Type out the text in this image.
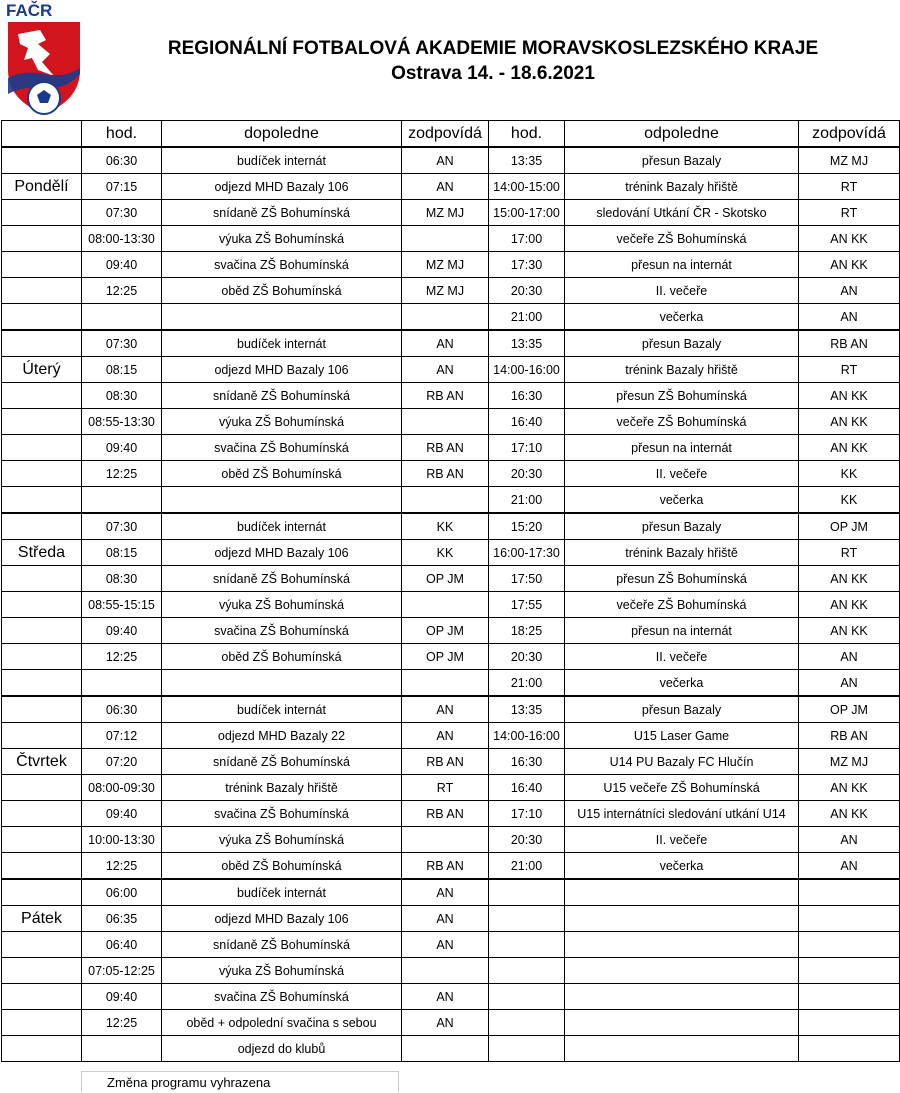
FAČR
REGIONÁLNÍ FOTBALOVÁ AKADEMIE MORAVSKOSLEZSKÉHO KRAJE
Ostrava 14. - 18.6.2021
	hod.	dopoledne	zodpovídá	hod.	odpoledne	zodpovídá
	06:30	budíček internát	AN	13:35	přesun Bazaly	MZ MJ
Pondělí	07:15	odjezd MHD Bazaly 106	AN	14:00-15:00	trénink Bazaly hřiště	RT
	07:30	snídaně ZŠ Bohumínská	MZ MJ	15:00-17:00	sledování Utkání ČR - Skotsko	RT
	08:00-13:30	výuka ZŠ Bohumínská		17:00	večeře ZŠ Bohumínská	AN KK
	09:40	svačina ZŠ Bohumínská	MZ MJ	17:30	přesun na internát	AN KK
	12:25	oběd ZŠ Bohumínská	MZ MJ	20:30	II. večeře	AN
				21:00	večerka	AN
	07:30	budíček internát	AN	13:35	přesun Bazaly	RB AN
Úterý	08:15	odjezd MHD Bazaly 106	AN	14:00-16:00	trénink Bazaly hřiště	RT
	08:30	snídaně ZŠ Bohumínská	RB AN	16:30	přesun ZŠ Bohumínská	AN KK
	08:55-13:30	výuka ZŠ Bohumínská		16:40	večeře ZŠ Bohumínská	AN KK
	09:40	svačina ZŠ Bohumínská	RB AN	17:10	přesun na internát	AN KK
	12:25	oběd ZŠ Bohumínská	RB AN	20:30	II. večeře	KK
				21:00	večerka	KK
	07:30	budíček internát	KK	15:20	přesun Bazaly	OP JM
Středa	08:15	odjezd MHD Bazaly 106	KK	16:00-17:30	trénink Bazaly hřiště	RT
	08:30	snídaně ZŠ Bohumínská	OP JM	17:50	přesun ZŠ Bohumínská	AN KK
	08:55-15:15	výuka ZŠ Bohumínská		17:55	večeře ZŠ Bohumínská	AN KK
	09:40	svačina ZŠ Bohumínská	OP JM	18:25	přesun na internát	AN KK
	12:25	oběd ZŠ Bohumínská	OP JM	20:30	II. večeře	AN
				21:00	večerka	AN
	06:30	budíček internát	AN	13:35	přesun Bazaly	OP JM
	07:12	odjezd MHD Bazaly 22	AN	14:00-16:00	U15 Laser Game	RB AN
Čtvrtek	07:20	snídaně ZŠ Bohumínská	RB AN	16:30	U14 PU Bazaly FC Hlučín	MZ MJ
	08:00-09:30	trénink Bazaly hřiště	RT	16:40	U15 večeře ZŠ Bohumínská	AN KK
	09:40	svačina ZŠ Bohumínská	RB AN	17:10	U15 internátníci sledování utkání U14	AN KK
	10:00-13:30	výuka ZŠ Bohumínská		20:30	II. večeře	AN
	12:25	oběd ZŠ Bohumínská	RB AN	21:00	večerka	AN
	06:00	budíček internát	AN			
Pátek	06:35	odjezd MHD Bazaly 106	AN			
	06:40	snídaně ZŠ Bohumínská	AN			
	07:05-12:25	výuka ZŠ Bohumínská				
	09:40	svačina ZŠ Bohumínská	AN			
	12:25	oběd + odpolední svačina s sebou	AN			
		odjezd do klubů				
Změna programu vyhrazena
